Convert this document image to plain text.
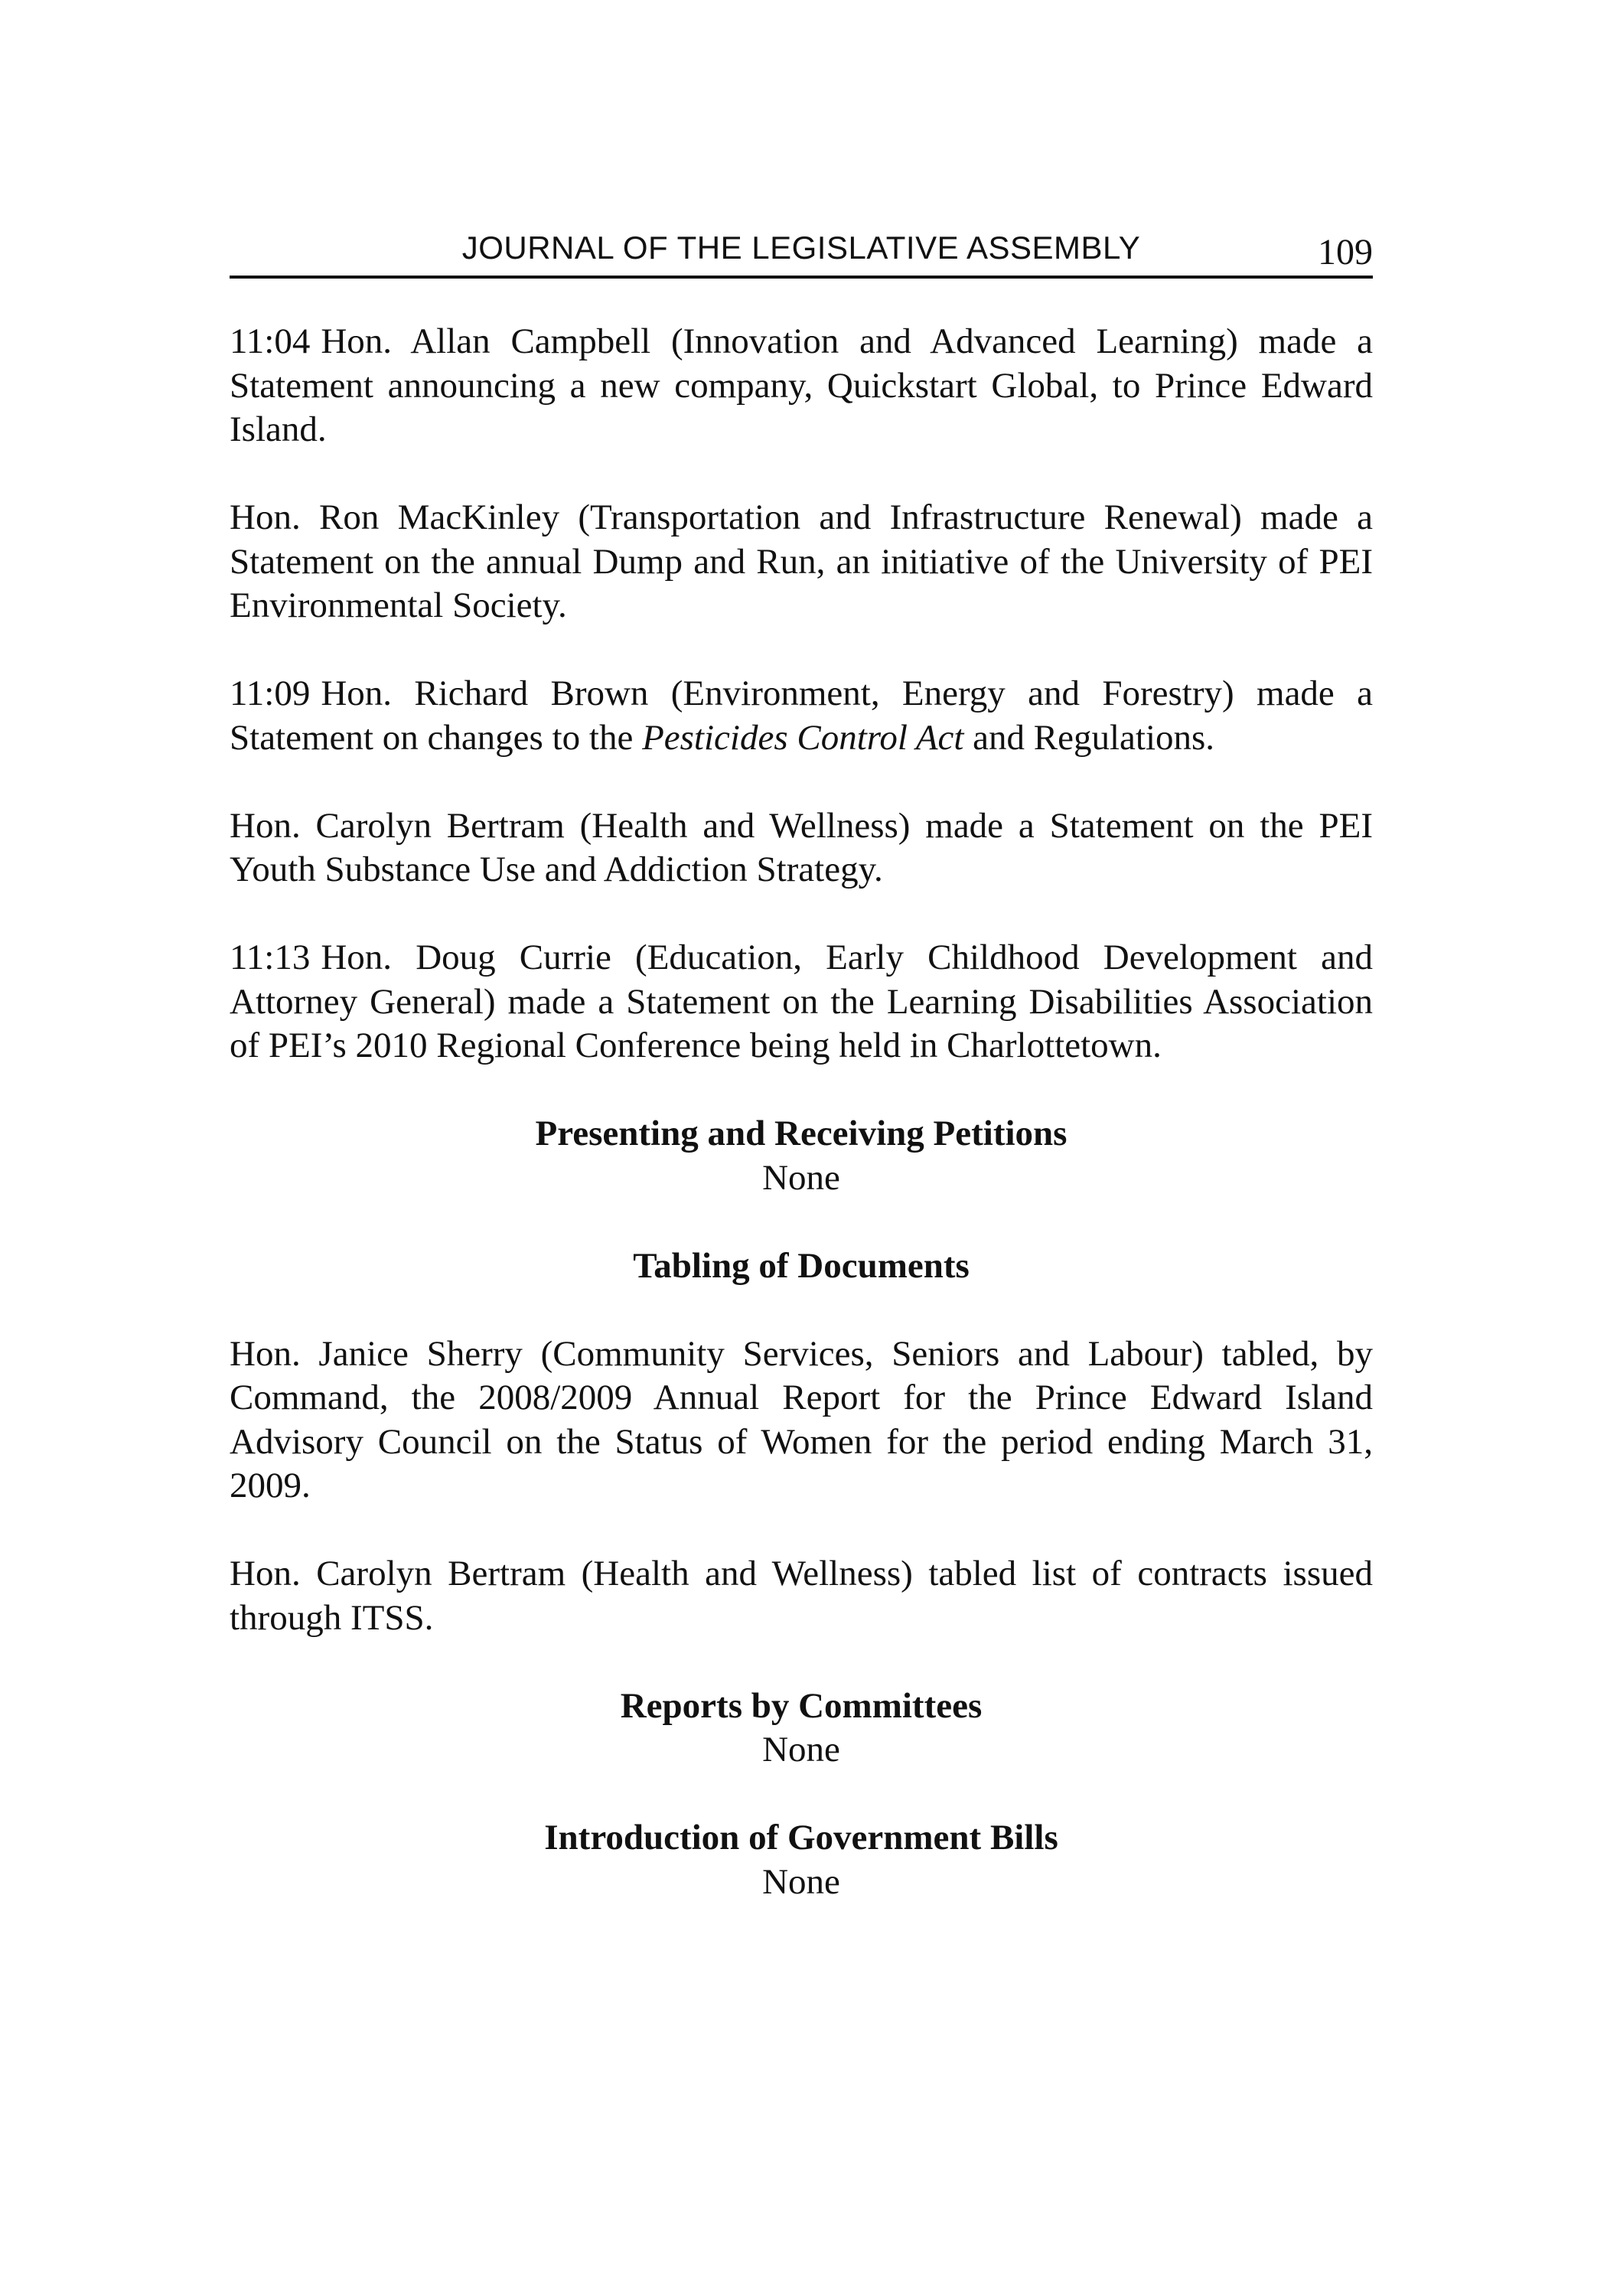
JOURNAL OF THE LEGISLATIVE ASSEMBLY	109

11:04 Hon. Allan Campbell (Innovation and Advanced Learning) made a Statement announcing a new company, Quickstart Global, to Prince Edward Island.

Hon. Ron MacKinley (Transportation and Infrastructure Renewal) made a Statement on the annual Dump and Run, an initiative of the University of PEI Environmental Society.

11:09 Hon. Richard Brown (Environment, Energy and Forestry) made a Statement on changes to the Pesticides Control Act and Regulations.

Hon. Carolyn Bertram (Health and Wellness) made a Statement on the PEI Youth Substance Use and Addiction Strategy.

11:13 Hon. Doug Currie (Education, Early Childhood Development and Attorney General) made a Statement on the Learning Disabilities Association of PEI’s 2010 Regional Conference being held in Charlottetown.

Presenting and Receiving Petitions

None

Tabling of Documents

Hon. Janice Sherry (Community Services, Seniors and Labour) tabled, by Command, the 2008/2009 Annual Report for the Prince Edward Island Advisory Council on the Status of Women for the period ending March 31, 2009.

Hon. Carolyn Bertram (Health and Wellness) tabled list of contracts issued through ITSS.

Reports by Committees

None

Introduction of Government Bills

None
